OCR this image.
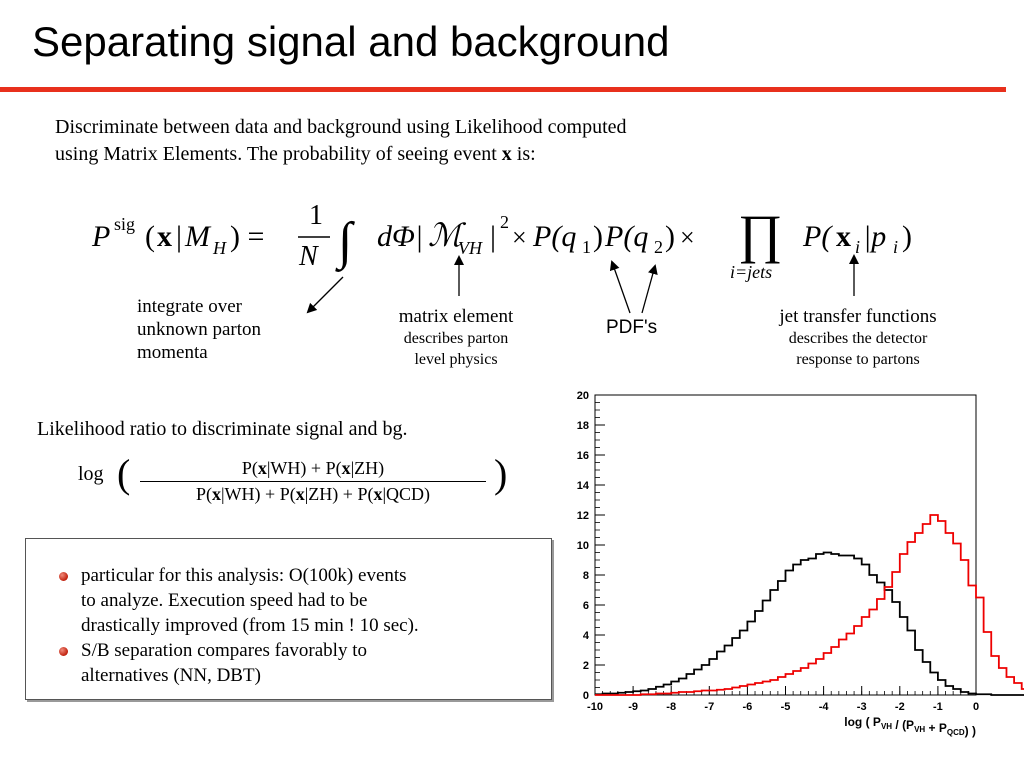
Separating signal and background
Discriminate between data and background using Likelihood computed
using Matrix Elements. The probability of seeing event x is:
P sig ( x | M H ) =
1
N ∫ dΦ| ℳ
VH | 2
× P(q 1 ) P(q 2 ) × ∏
i=jets
P( x i |p i )
integrate over
unknown parton
momenta
matrix element
describes parton
level physics
PDF's
jet transfer functions
describes the detector
response to partons
Likelihood ratio to discriminate signal and bg.
log (	)
P(x|WH) + P(x|ZH)
P(x|WH) + P(x|ZH) + P(x|QCD)
particular for this analysis: O(100k) events
to analyze. Execution speed had to be
drastically improved (from 15 min ! 10 sec).
S/B separation compares favorably to
alternatives (NN, DBT)
-10 -9	-8	-7	-6	-5	-4	-3	-2	-1	0
0
2
4
6
8
10
12
14
16
18
20
log ( $P_{VH} / (P_{VH} + P_{QCD})$ )
